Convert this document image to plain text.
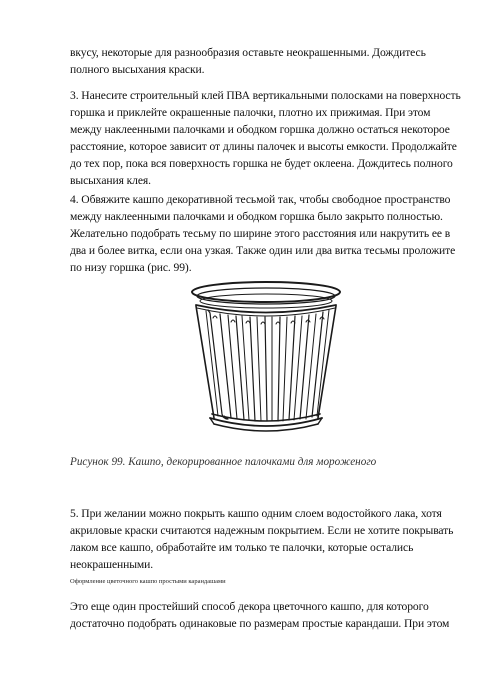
вкусу, некоторые для разнообразия оставьте неокрашенными. Дождитесь
полного высыхания краски.

3. Нанесите строительный клей ПВА вертикальными полосками на поверхность
горшка и приклейте окрашенные палочки, плотно их прижимая. При этом
между наклеенными палочками и ободком горшка должно остаться некоторое
расстояние, которое зависит от длины палочек и высоты емкости. Продолжайте
до тех пор, пока вся поверхность горшка не будет оклеена. Дождитесь полного
высыхания клея.

4. Обвяжите кашпо декоративной тесьмой так, чтобы свободное пространство
между наклеенными палочками и ободком горшка было закрыто полностью.
Желательно подобрать тесьму по ширине этого расстояния или накрутить ее в
два и более витка, если она узкая. Также один или два витка тесьмы проложите
по низу горшка (рис. 99).

Рисунок 99. Кашпо, декорированное палочками для мороженого

5. При желании можно покрыть кашпо одним слоем водостойкого лака, хотя
акриловые краски считаются надежным покрытием. Если не хотите покрывать
лаком все кашпо, обработайте им только те палочки, которые остались
неокрашенными.

Оформление цветочного кашпо простыми карандашами

Это еще один простейший способ декора цветочного кашпо, для которого
достаточно подобрать одинаковые по размерам простые карандаши. При этом
